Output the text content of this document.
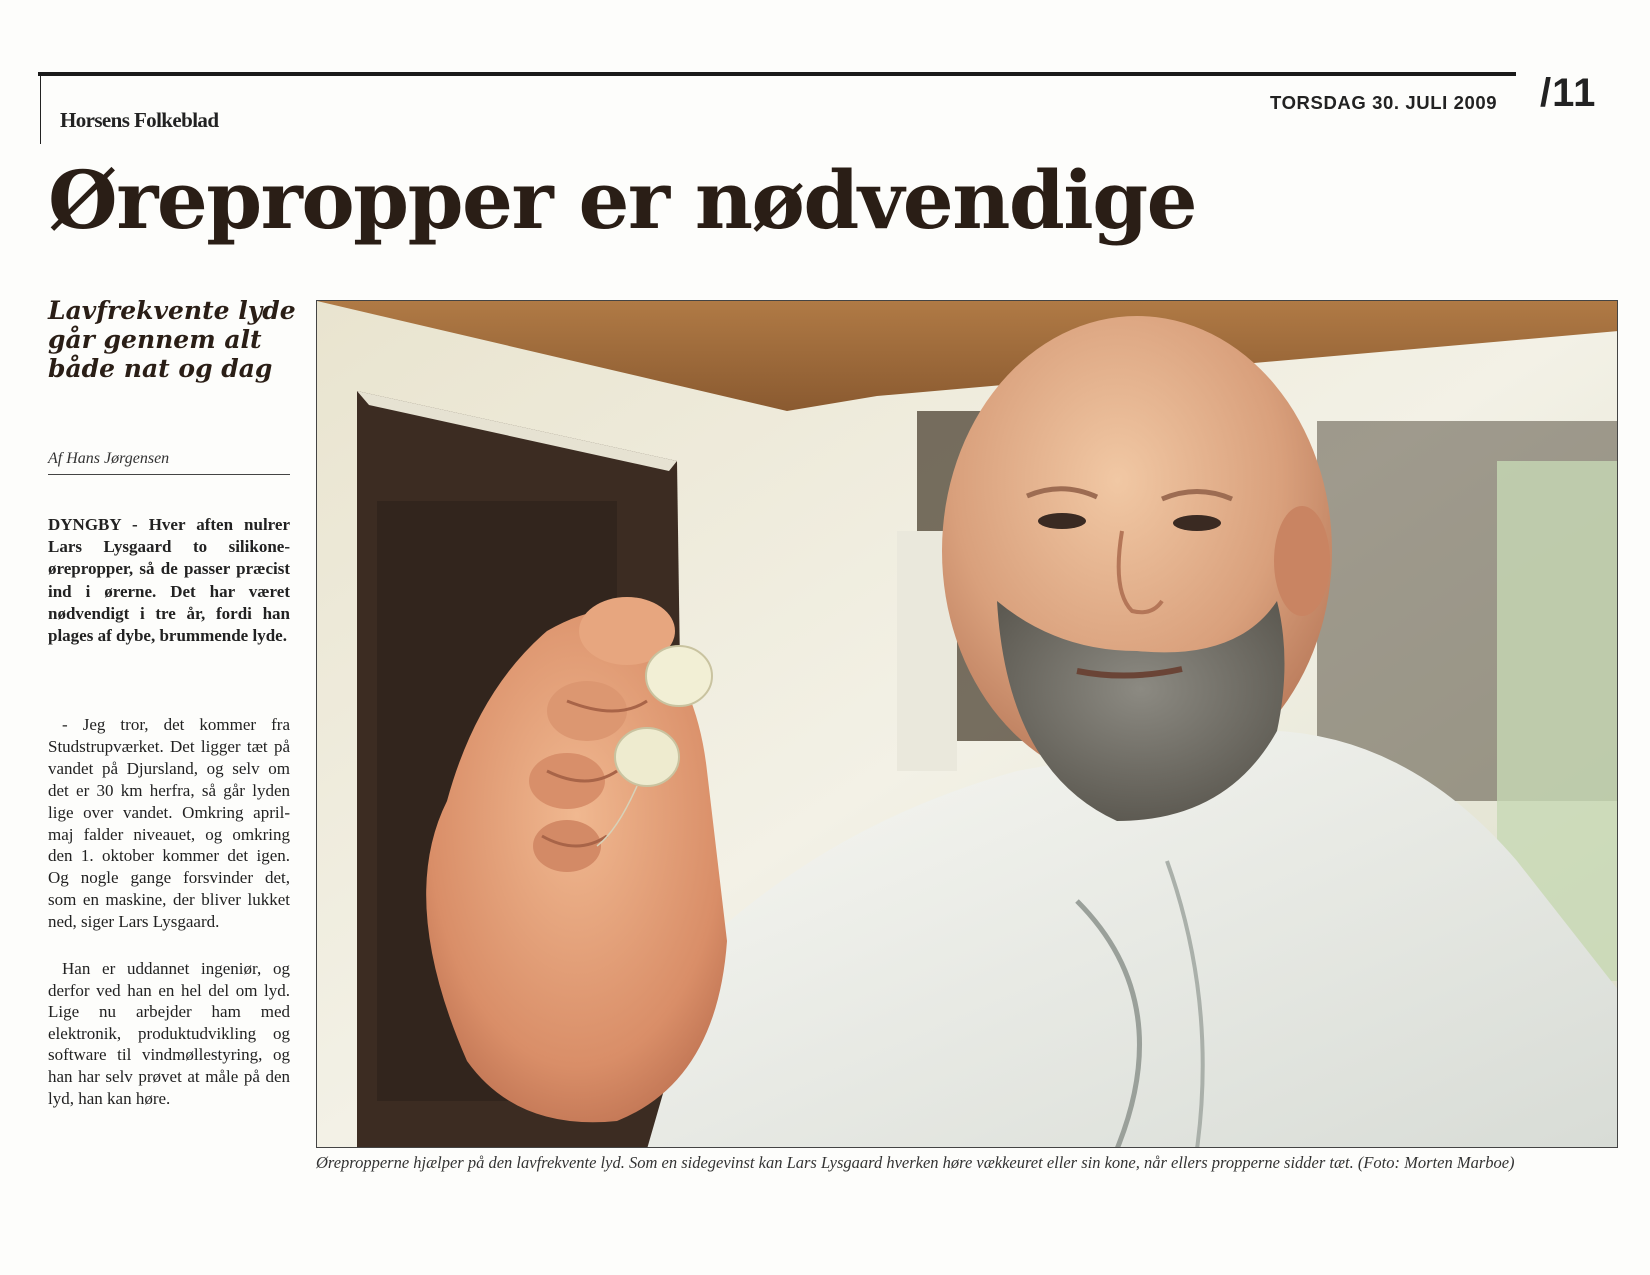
Horsens Folkeblad
TORSDAG 30. JULI 2009 /11
Ørepropper er nødvendige
Lavfrekvente lyde går gennem alt både nat og dag
Af Hans Jørgensen

DYNGBY - Hver aften nulrer Lars Lysgaard to silikone-ørepropper, så de passer præcist ind i ørerne. Det har været nødvendigt i tre år, fordi han plages af dybe, brummende lyde.

- Jeg tror, det kommer fra Studstrupværket. Det ligger tæt på vandet på Djursland, og selv om det er 30 km herfra, så går lyden lige over vandet. Omkring april-maj falder niveauet, og omkring den 1. oktober kommer det igen. Og nogle gange forsvinder det, som en maskine, der bliver lukket ned, siger Lars Lysgaard.

Han er uddannet ingeniør, og derfor ved han en hel del om lyd. Lige nu arbejder ham med elektronik, produktudvikling og software til vindmøllestyring, og han har selv prøvet at måle på den lyd, han kan høre.

Ørepropperne hjælper på den lavfrekvente lyd. Som en sidegevinst kan Lars Lysgaard hverken høre vækkeuret eller sin kone, når ellers propperne sidder tæt. (Foto: Morten Marboe)
